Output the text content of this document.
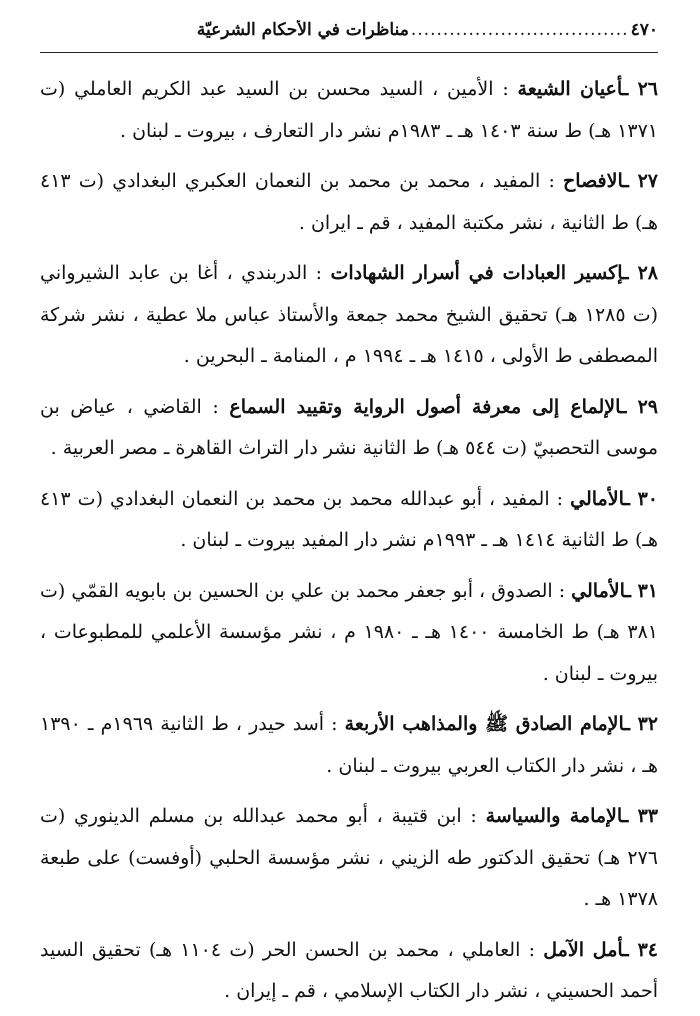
٤٧٠
..................................
مناظرات في الأحكام الشرعيّة

٢٦ ـأعيان الشيعة : الأمين ، السيد محسن بن السيد عبد الكريم العاملي (ت ١٣٧١ هـ) ط سنة ١٤٠٣ هـ ـ ١٩٨٣م نشر دار التعارف ، بيروت ـ لبنان .

٢٧ ـالافصاح : المفيد ، محمد بن محمد بن النعمان العكبري البغدادي (ت ٤١٣ هـ) ط الثانية ، نشر مكتبة المفيد ، قم ـ ايران .

٢٨ ـإكسير العبادات في أسرار الشهادات : الدربندي ، أغا بن عابد الشيرواني (ت ١٢٨٥ هـ) تحقيق الشيخ محمد جمعة والأستاذ عباس ملا عطية ، نشر شركة المصطفى ط الأولى ، ١٤١٥ هـ ـ ١٩٩٤ م ، المنامة ـ البحرين .

٢٩ ـالإلماع إلى معرفة أصول الرواية وتقييد السماع : القاضي ، عياض بن موسى التحصبيّ (ت ٥٤٤ هـ) ط الثانية نشر دار التراث القاهرة ـ مصر العربية .

٣٠ ـالأمالي : المفيد ، أبو عبدالله محمد بن محمد بن النعمان البغدادي (ت ٤١٣ هـ) ط الثانية ١٤١٤ هـ ـ ١٩٩٣م نشر دار المفيد بيروت ـ لبنان .

٣١ ـالأمالي : الصدوق ، أبو جعفر محمد بن علي بن الحسين بن بابويه القمّي (ت ٣٨١ هـ) ط الخامسة ١٤٠٠ هـ ـ ١٩٨٠ م ، نشر مؤسسة الأعلمي للمطبوعات ، بيروت ـ لبنان .

٣٢ ـالإمام الصادق ﷺ والمذاهب الأربعة : أسد حيدر ، ط الثانية ١٩٦٩م ـ ١٣٩٠ هـ ، نشر دار الكتاب العربي بيروت ـ لبنان .

٣٣ ـالإمامة والسياسة : ابن قتيبة ، أبو محمد عبدالله بن مسلم الدينوري (ت ٢٧٦ هـ) تحقيق الدكتور طه الزيني ، نشر مؤسسة الحلبي (أوفست) على طبعة ١٣٧٨ هـ .

٣٤ ـأمل الآمل : العاملي ، محمد بن الحسن الحر (ت ١١٠٤ هـ) تحقيق السيد أحمد الحسيني ، نشر دار الكتاب الإسلامي ، قم ـ إيران .
